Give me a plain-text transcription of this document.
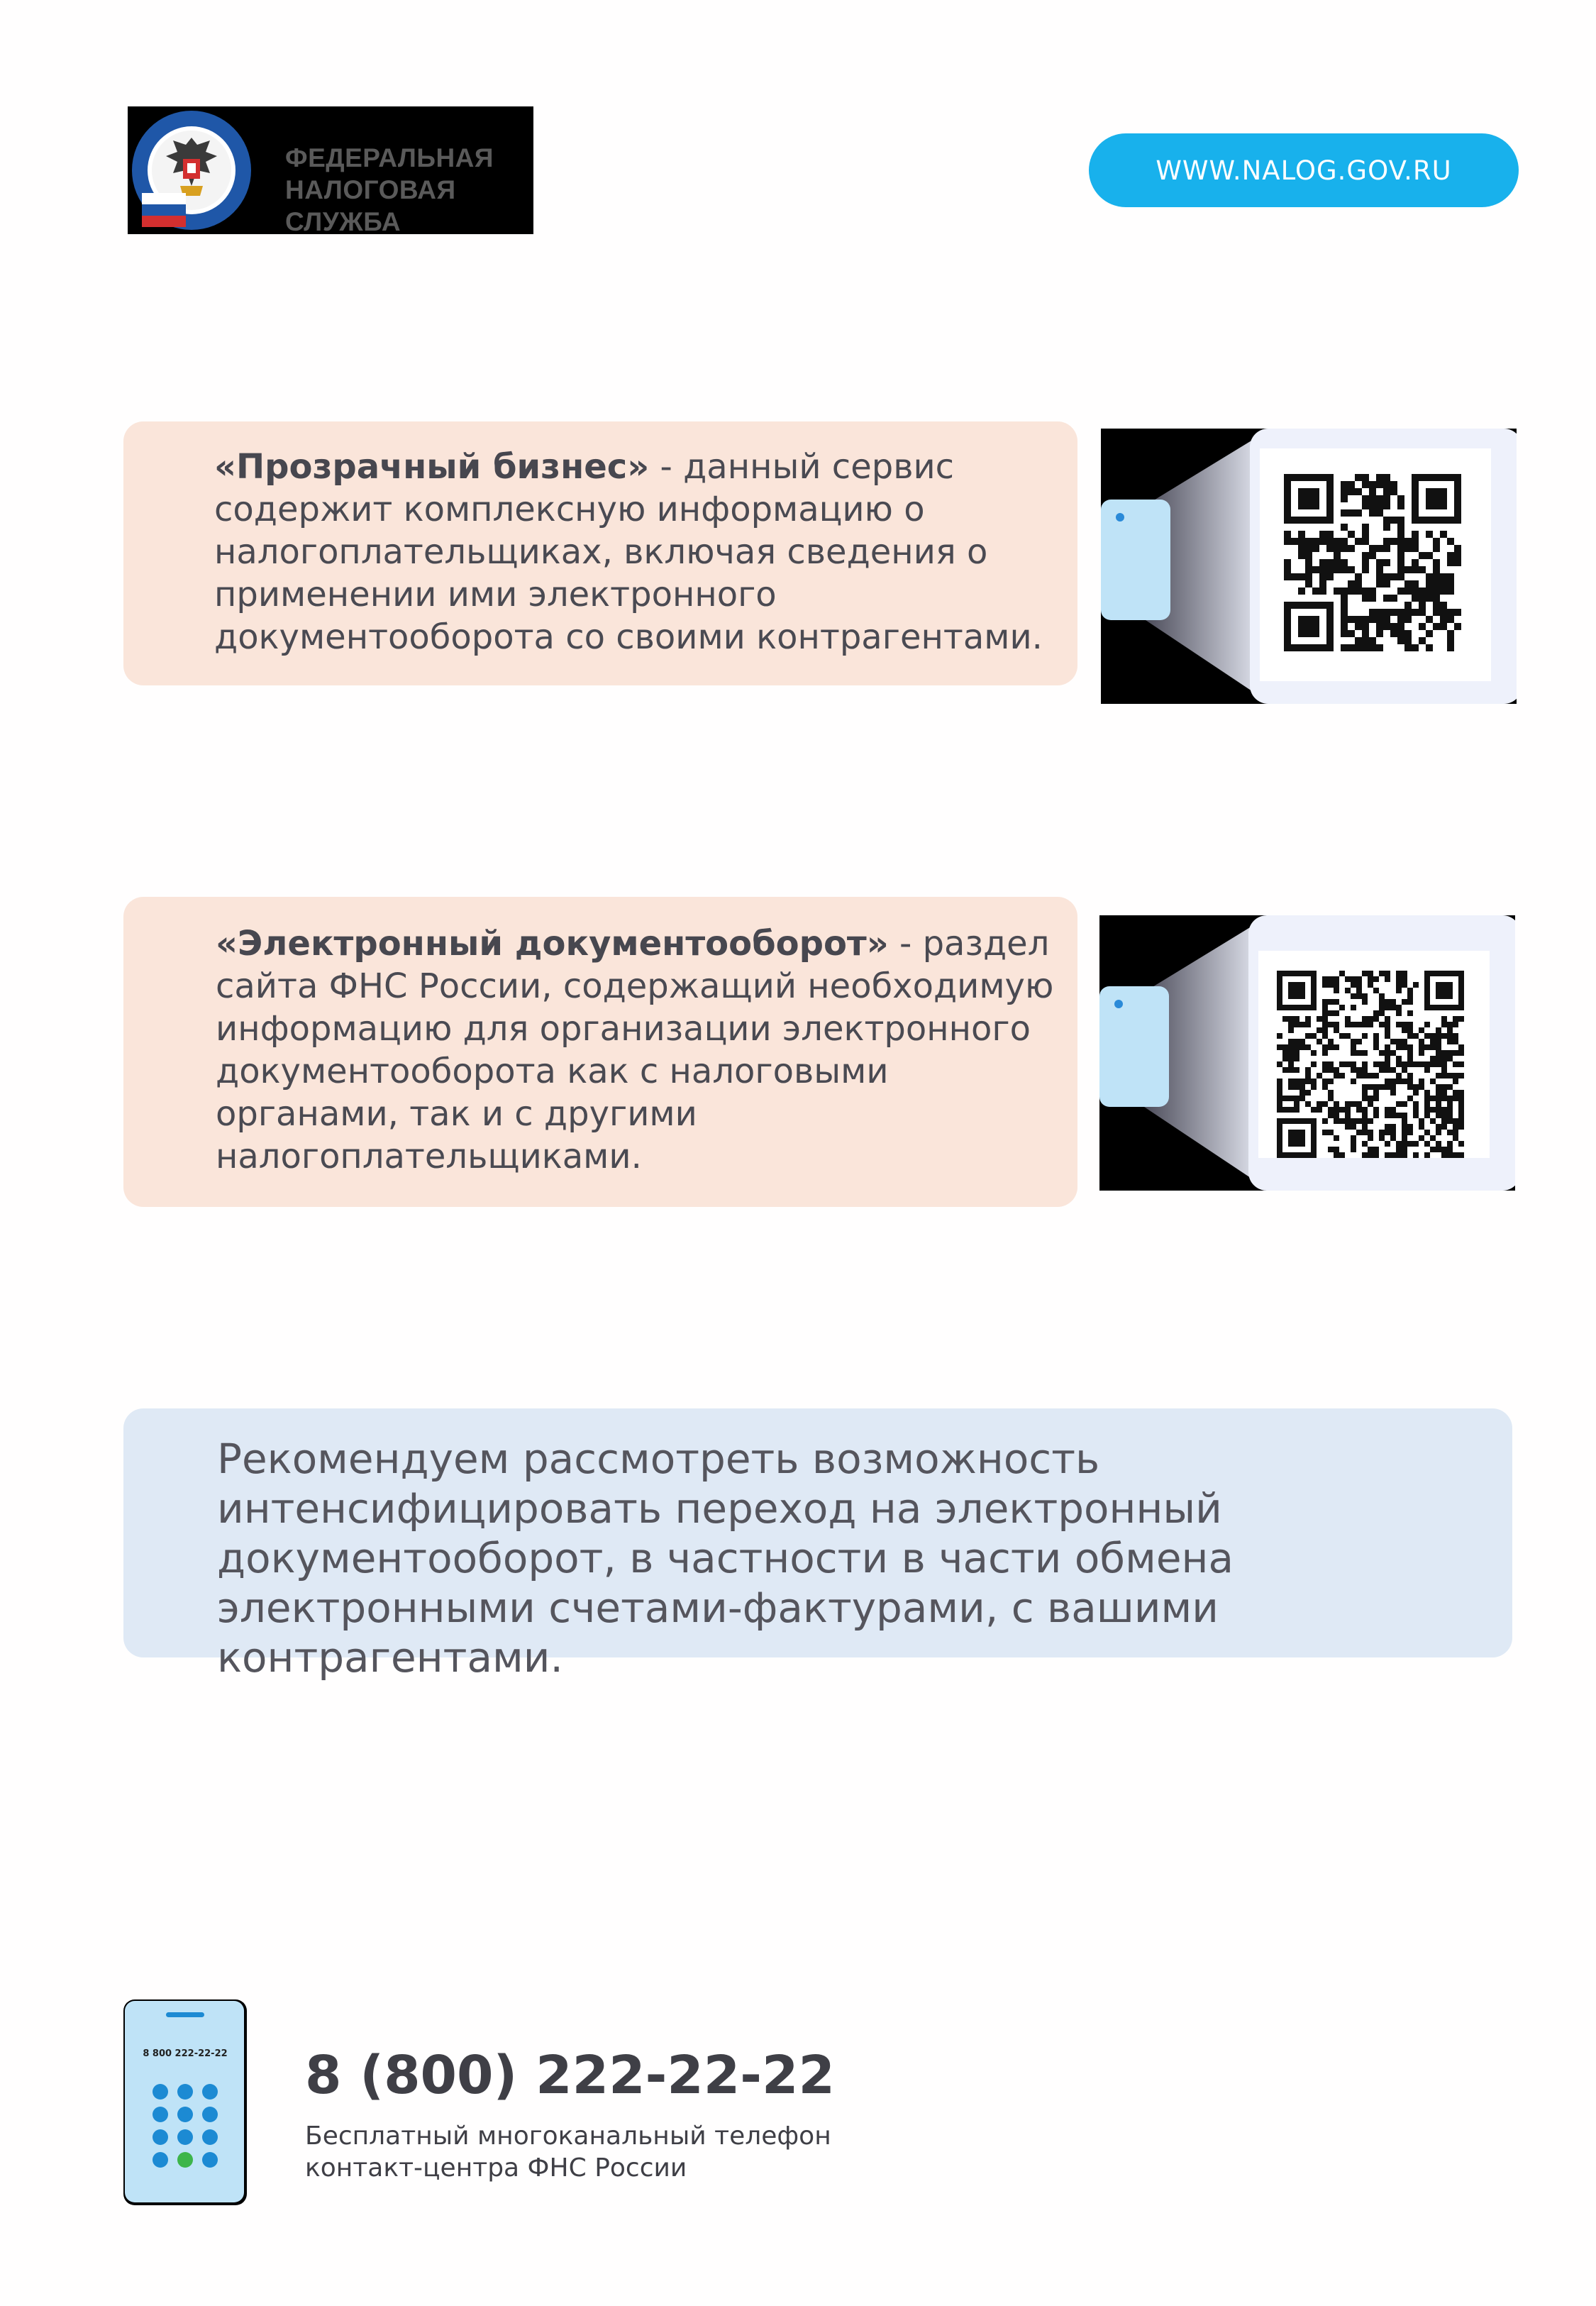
ФЕДЕРАЛЬНАЯ
НАЛОГОВАЯ СЛУЖБА
WWW.NALOG.GOV.RU

«Прозрачный бизнес» - данный сервис содержит комплексную информацию о налогоплательщиках, включая сведения о применении ими электронного документооборота со своими контрагентами.

«Электронный документооборот» - раздел сайта ФНС России, содержащий необходимую информацию для организации электронного документооборота как с налоговыми органами, так и с другими налогоплательщиками.

Рекомендуем рассмотреть возможность интенсифицировать переход на электронный документооборот, в частности в части обмена электронными счетами-фактурами, с вашими контрагентами.

8 800 222-22-22 8 (800) 222-22-22
Бесплатный многоканальный телефон
контакт-центра ФНС России
